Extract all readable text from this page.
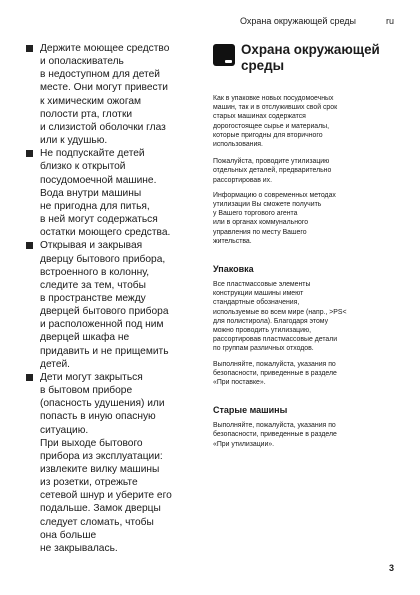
Охрана окружающей среды	ru

Держите моющее средство
и ополаскиватель
в недоступном для детей
месте. Они могут привести
к химическим ожогам
полости рта, глотки
и слизистой оболочки глаз
или к удушью.

Не подпускайте детей
близко к открытой
посудомоечной машине.
Вода внутри машины
не пригодна для питья,
в ней могут содержаться
остатки моющего средства.

Открывая и закрывая
дверцу бытового прибора,
встроенного в колонну,
следите за тем, чтобы
в пространстве между
дверцей бытового прибора
и расположенной под ним
дверцей шкафа не
придавить и не прищемить
детей.

Дети могут закрыться
в бытовом приборе
(опасность удушения) или
попасть в иную опасную
ситуацию.
При выходе бытового
прибора из эксплуатации:
извлеките вилку машины
из розетки, отрежьте
сетевой шнур и уберите его
подальше. Замок дверцы
следует сломать, чтобы
она больше
не закрывалась.

Охрана окружающей
среды

Как в упаковке новых посудомоечных
машин, так и в отслуживших свой срок
старых машинах содержатся
дорогостоящее сырье и материалы,
которые пригодны для вторичного
использования.

Пожалуйста, проводите утилизацию
отдельных деталей, предварительно
рассортировав их.

Информацию о современных методах
утилизации Вы сможете получить
у Вашего торгового агента
или в органах коммунального
управления по месту Вашего
жительства.

Упаковка

Все пластмассовые элементы
конструкции машины имеют
стандартные обозначения,
используемые во всем мире (напр., >PS<
для полистирола). Благодаря этому
можно проводить утилизацию,
рассортировав пластмассовые детали
по группам различных отходов.

Выполняйте, пожалуйста, указания по
безопасности, приведенные в разделе
«При поставке».

Старые машины

Выполняйте, пожалуйста, указания по
безопасности, приведенные в разделе
«При утилизации».

3
